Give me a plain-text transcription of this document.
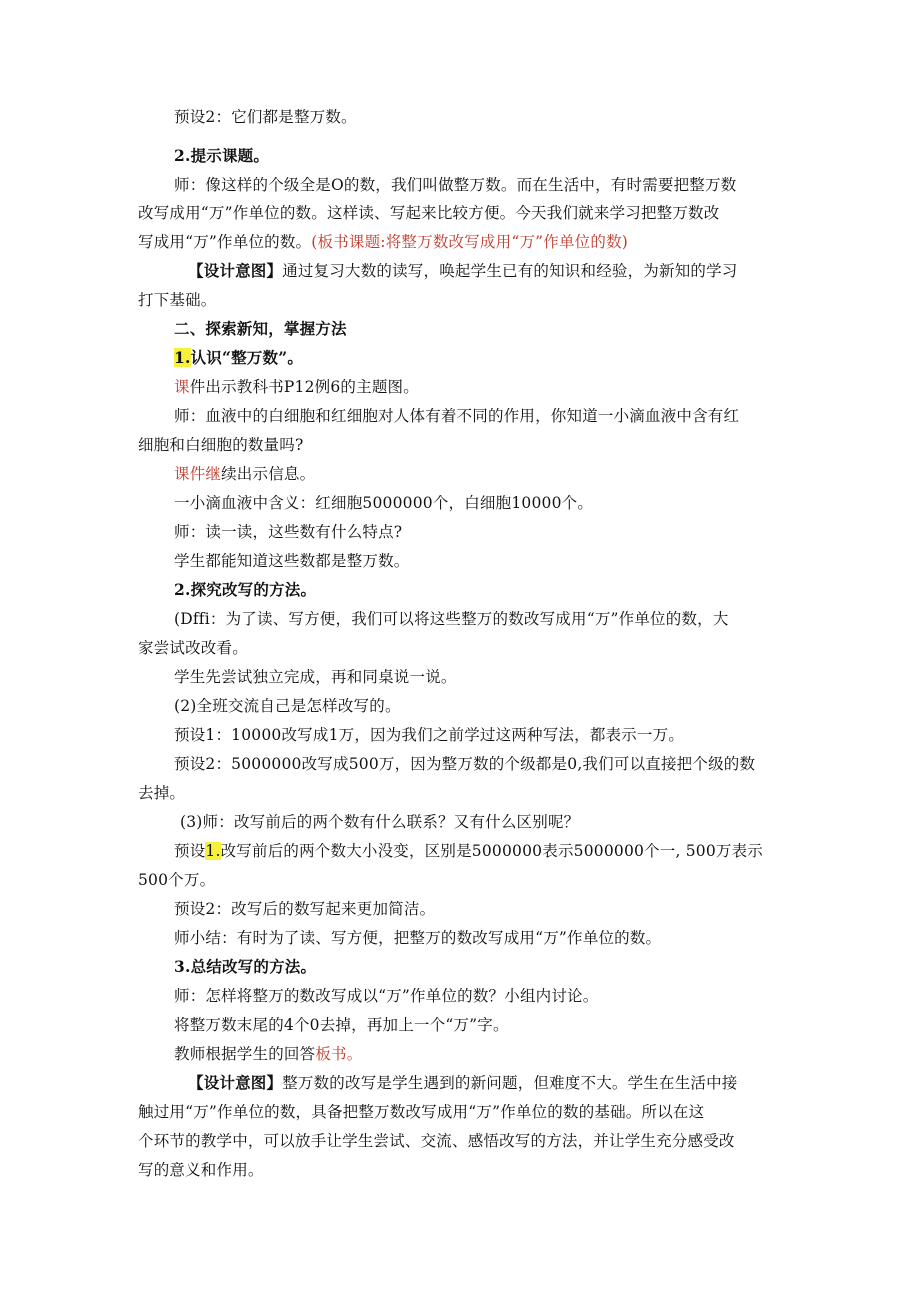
预设2：它们都是整万数。
2.提示课题。
师：像这样的个级全是O的数，我们叫做整万数。而在生活中，有时需要把整万数
改写成用“万”作单位的数。这样读、写起来比较方便。今天我们就来学习把整万数改
写成用“万”作单位的数。(板书课题:将整万数改写成用“万”作单位的数)
【设计意图】通过复习大数的读写，唤起学生已有的知识和经验，为新知的学习
打下基础。
二、探索新知，掌握方法
1.认识“整万数”。
课件出示教科书P12例6的主题图。
师：血液中的白细胞和红细胞对人体有着不同的作用，你知道一小滴血液中含有红
细胞和白细胞的数量吗?
课件继续出示信息。
一小滴血液中含义：红细胞5000000个，白细胞10000个。
师：读一读，这些数有什么特点?
学生都能知道这些数都是整万数。
2.探究改写的方法。
(Dffi：为了读、写方便，我们可以将这些整万的数改写成用“万”作单位的数，大
家尝试改改看。
学生先尝试独立完成，再和同桌说一说。
(2)全班交流自己是怎样改写的。
预设1：10000改写成1万，因为我们之前学过这两种写法，都表示一万。
预设2：5000000改写成500万，因为整万数的个级都是0,我们可以直接把个级的数
去掉。
(3)师：改写前后的两个数有什么联系？又有什么区别呢？
预设1.改写前后的两个数大小没变，区别是5000000表示5000000个一, 500万表示
500个万。
预设2：改写后的数写起来更加简洁。
师小结：有时为了读、写方便，把整万的数改写成用“万”作单位的数。
3.总结改写的方法。
师：怎样将整万的数改写成以“万”作单位的数？小组内讨论。
将整万数末尾的4个0去掉，再加上一个“万”字。
教师根据学生的回答板书。
【设计意图】整万数的改写是学生遇到的新问题，但难度不大。学生在生活中接
触过用“万”作单位的数，具备把整万数改写成用“万”作单位的数的基础。所以在这
个环节的教学中，可以放手让学生尝试、交流、感悟改写的方法，并让学生充分感受改
写的意义和作用。
